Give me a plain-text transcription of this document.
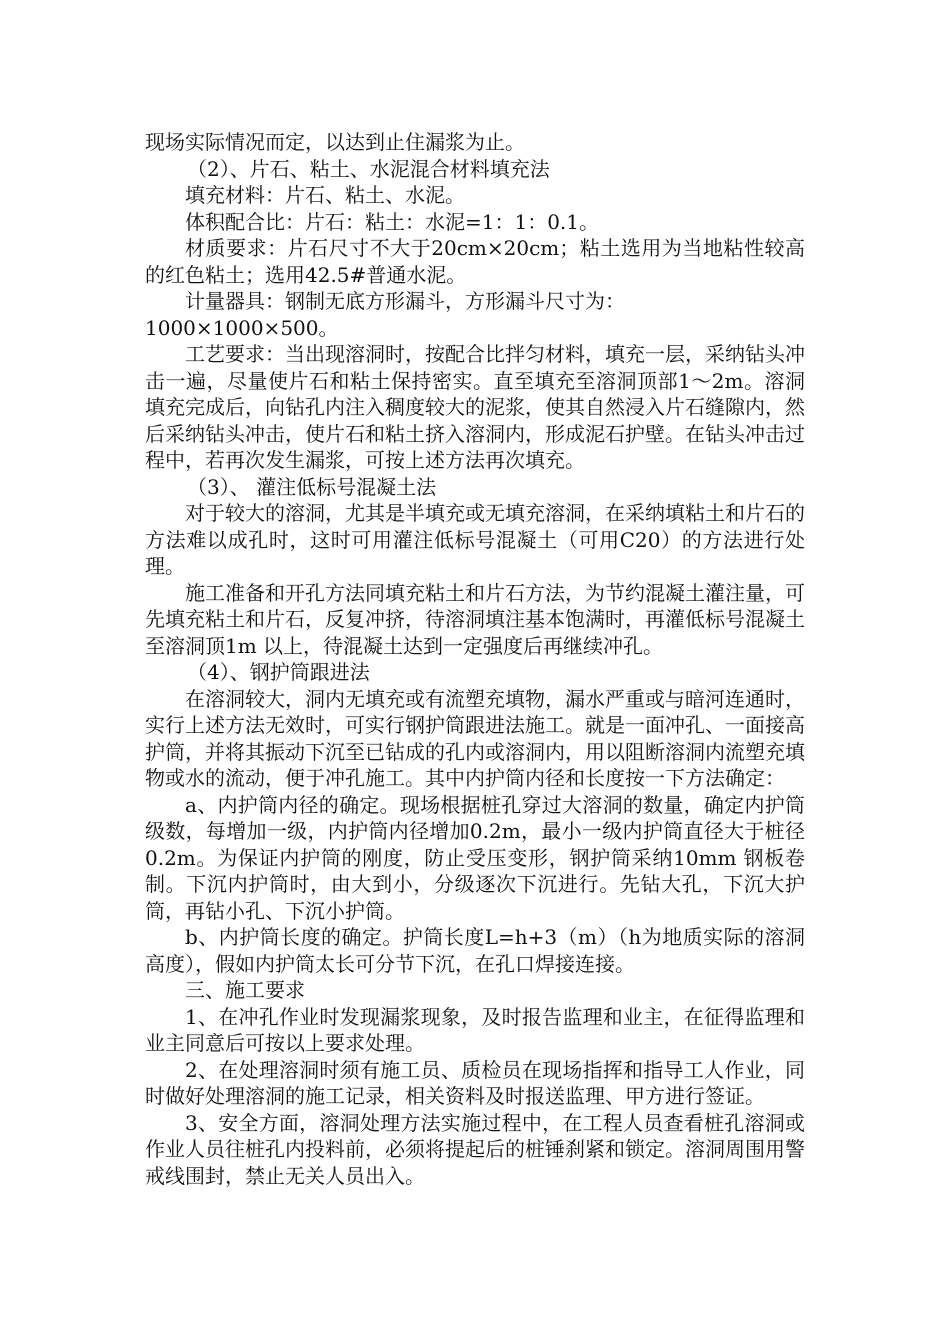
现场实际情况而定，以达到止住漏浆为止。

（2）、片石、粘土、水泥混合材料填充法

填充材料：片石、粘土、水泥。

体积配合比：片石：粘土：水泥=1：1：0.1。

材质要求：片石尺寸不大于20cm×20cm；粘土选用为当地粘性较高的红色粘土；选用42.5#普通水泥。

计量器具：钢制无底方形漏斗，方形漏斗尺寸为：

1000×1000×500。

工艺要求：当出现溶洞时，按配合比拌匀材料，填充一层，采纳钻头冲击一遍，尽量使片石和粘土保持密实。直至填充至溶洞顶部1～2m。溶洞填充完成后，向钻孔内注入稠度较大的泥浆，使其自然浸入片石缝隙内，然后采纳钻头冲击，使片石和粘土挤入溶洞内，形成泥石护壁。在钻头冲击过程中，若再次发生漏浆，可按上述方法再次填充。

（3）、 灌注低标号混凝土法

对于较大的溶洞，尤其是半填充或无填充溶洞，在采纳填粘土和片石的方法难以成孔时，这时可用灌注低标号混凝土（可用C20）的方法进行处理。

施工准备和开孔方法同填充粘土和片石方法，为节约混凝土灌注量，可先填充粘土和片石，反复冲挤，待溶洞填注基本饱满时，再灌低标号混凝土至溶洞顶1m 以上，待混凝土达到一定强度后再继续冲孔。

（4）、钢护筒跟进法

在溶洞较大，洞内无填充或有流塑充填物，漏水严重或与暗河连通时，实行上述方法无效时，可实行钢护筒跟进法施工。就是一面冲孔、一面接高护筒，并将其振动下沉至已钻成的孔内或溶洞内，用以阻断溶洞内流塑充填物或水的流动，便于冲孔施工。其中内护筒内径和长度按一下方法确定：

a、内护筒内径的确定。现场根据桩孔穿过大溶洞的数量，确定内护筒级数，每增加一级，内护筒内径增加0.2m，最小一级内护筒直径大于桩径0.2m。为保证内护筒的刚度，防止受压变形，钢护筒采纳10mm 钢板卷制。下沉内护筒时，由大到小，分级逐次下沉进行。先钻大孔，下沉大护筒，再钻小孔、下沉小护筒。

b、内护筒长度的确定。护筒长度L=h+3（m）（h为地质实际的溶洞高度），假如内护筒太长可分节下沉，在孔口焊接连接。

三、施工要求

1、在冲孔作业时发现漏浆现象，及时报告监理和业主，在征得监理和业主同意后可按以上要求处理。

2、在处理溶洞时须有施工员、质检员在现场指挥和指导工人作业，同时做好处理溶洞的施工记录，相关资料及时报送监理、甲方进行签证。

3、安全方面，溶洞处理方法实施过程中，在工程人员查看桩孔溶洞或作业人员往桩孔内投料前，必须将提起后的桩锤刹紧和锁定。溶洞周围用警戒线围封，禁止无关人员出入。
